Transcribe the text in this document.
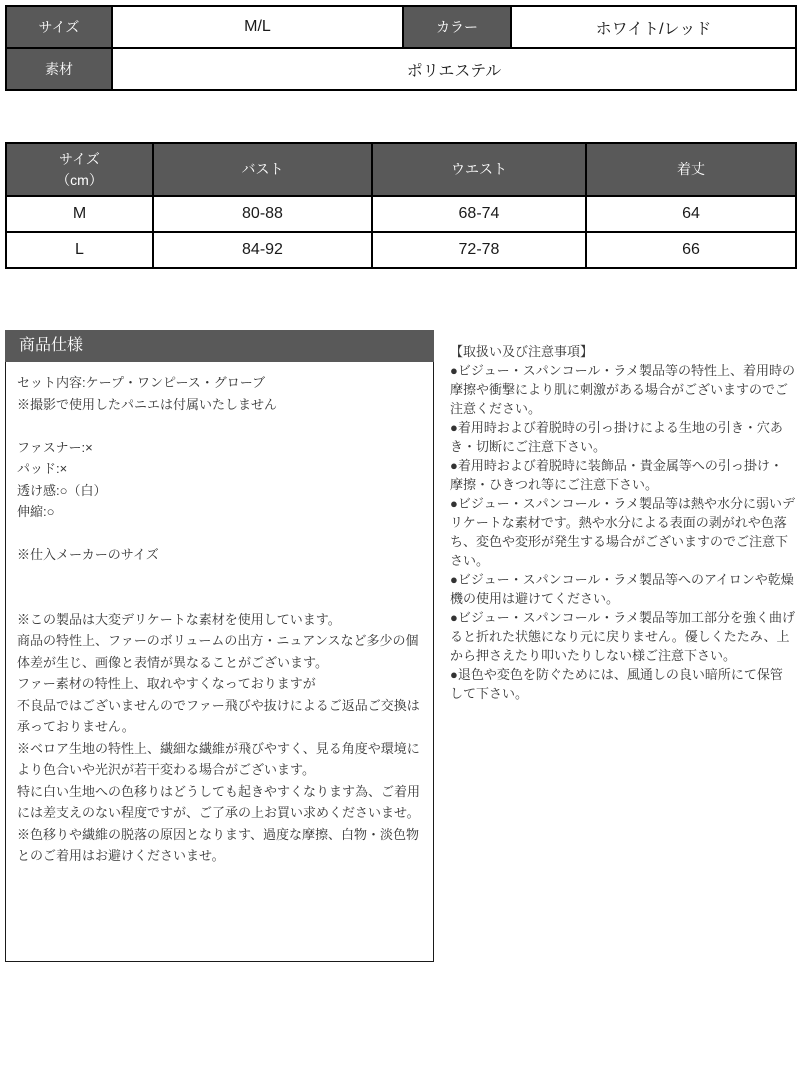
サイズ	M/L	カラー	ホワイト/レッド
素材	ポリエステル		
サイズ
（cm）	バスト	ウエスト	着丈
M	80-88	68-74	64
L	84-92	72-78	66
商品仕様

セット内容:ケープ・ワンピース・グローブ

※撮影で使用したパニエは付属いたしません

ファスナー:×

パッド:×

透け感:○（白）

伸縮:○

※仕入メーカーのサイズ

※この製品は大変デリケートな素材を使用しています。

商品の特性上、ファーのボリュームの出方・ニュアンスなど多少の個体差が生じ、画像と表情が異なることがございます。

ファー素材の特性上、取れやすくなっておりますが

不良品ではございませんのでファー飛びや抜けによるご返品ご交換は承っておりません。

※ベロア生地の特性上、繊細な繊維が飛びやすく、見る角度や環境により色合いや光沢が若干変わる場合がございます。

特に白い生地への色移りはどうしても起きやすくなります為、ご着用には差支えのない程度ですが、ご了承の上お買い求めくださいませ。

※色移りや繊維の脱落の原因となります、過度な摩擦、白物・淡色物とのご着用はお避けくださいませ。

【取扱い及び注意事項】

●ビジュー・スパンコール・ラメ製品等の特性上、着用時の摩擦や衝撃により肌に刺激がある場合がございますのでご注意ください。

●着用時および着脱時の引っ掛けによる生地の引き・穴あき・切断にご注意下さい。

●着用時および着脱時に装飾品・貴金属等への引っ掛け・摩擦・ひきつれ等にご注意下さい。

●ビジュー・スパンコール・ラメ製品等は熱や水分に弱いデリケートな素材です。熱や水分による表面の剥がれや色落ち、変色や変形が発生する場合がございますのでご注意下さい。

●ビジュー・スパンコール・ラメ製品等へのアイロンや乾燥機の使用は避けてください。

●ビジュー・スパンコール・ラメ製品等加工部分を強く曲げると折れた状態になり元に戻りません。優しくたたみ、上から押さえたり叩いたりしない様ご注意下さい。

●退色や変色を防ぐためには、風通しの良い暗所にて保管して下さい。
